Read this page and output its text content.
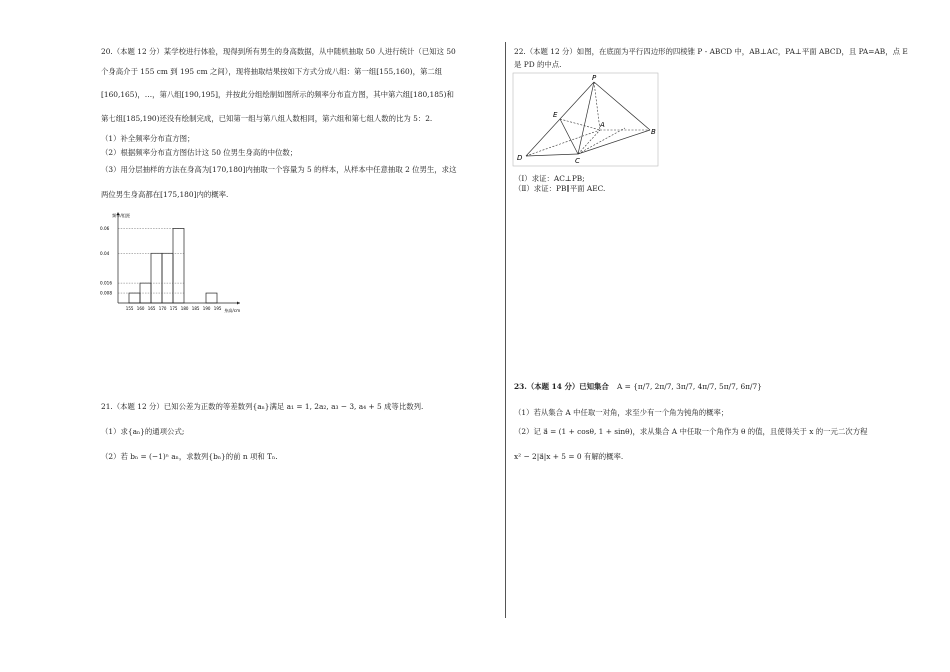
20.（本题 12 分）某学校进行体验，现得到所有男生的身高数据，从中随机抽取 50 人进行统计（已知这 50
个身高介于 155 cm 到 195 cm 之间），现将抽取结果按如下方式分成八组：第一组[155,160)，第二组
[160,165)，…，第八组[190,195]，并按此分组绘制如图所示的频率分布直方图，其中第六组[180,185)和
第七组[185,190)还没有绘制完成，已知第一组与第八组人数相同，第六组和第七组人数的比为 5：2.
（1）补全频率分布直方图；
（2）根据频率分布直方图估计这 50 位男生身高的中位数；
（3）用分层抽样的方法在身高为[170,180]内抽取一个容量为 5 的样本，从样本中任意抽取 2 位男生，求这
两位男生身高都在[175,180]内的概率.
频率/组距
身高/cm
0.06
0.04
0.016
0.008
155 160 165 170 175 180 185 190 195
21.（本题 12 分）已知公差为正数的等差数列{aₙ}满足 a₁ = 1, 2a₂, a₃ − 3, a₄ + 5 成等比数列.
（1）求{aₙ}的通项公式;
（2）若 bₙ = (−1)ⁿ aₙ，求数列{bₙ}的前 n 项和 Tₙ.
22.（本题 12 分）如图，在底面为平行四边形的四棱锥 P - ABCD 中，AB⊥AC，PA⊥平面 ABCD，且 PA=AB，点 E
是 PD 的中点.
P
E
A
B
D	C
（Ⅰ）求证：AC⊥PB;
（Ⅱ）求证：PB∥平面 AEC.
23.（本题 14 分）已知集合 A = {π/7, 2π/7, 3π/7, 4π/7, 5π/7, 6π/7}
（1）若从集合 A 中任取一对角，求至少有一个角为钝角的概率；
（2）记 a⃗ = (1 + cosθ, 1 + sinθ)，求从集合 A 中任取一个角作为 θ 的值，且使得关于 x 的一元二次方程
x² − 2|a⃗|x + 5 = 0 有解的概率.
